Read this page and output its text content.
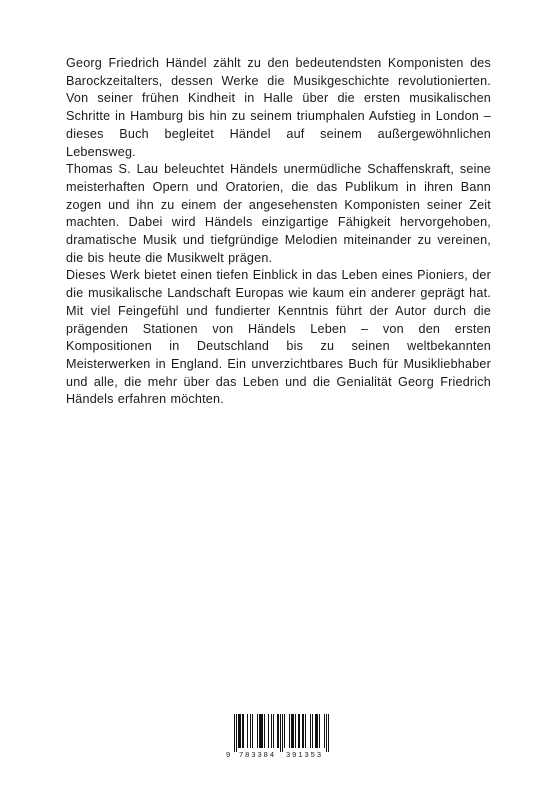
Georg Friedrich Händel zählt zu den bedeutendsten Komponisten des Barockzeitalters, dessen Werke die Musikgeschichte revolutionierten. Von seiner frühen Kindheit in Halle über die ersten musikalischen Schritte in Hamburg bis hin zu seinem triumphalen Aufstieg in London – dieses Buch begleitet Händel auf seinem außergewöhnlichen Lebensweg.

Thomas S. Lau beleuchtet Händels unermüdliche Schaffenskraft, seine meisterhaften Opern und Oratorien, die das Publikum in ihren Bann zogen und ihn zu einem der angesehensten Komponisten seiner Zeit machten. Dabei wird Händels einzigartige Fähigkeit hervorgehoben, dramatische Musik und tiefgründige Melodien miteinander zu vereinen, die bis heute die Musikwelt prägen.

Dieses Werk bietet einen tiefen Einblick in das Leben eines Pioniers, der die musikalische Landschaft Europas wie kaum ein anderer geprägt hat. Mit viel Feingefühl und fundierter Kenntnis führt der Autor durch die prägenden Stationen von Händels Leben – von den ersten Kompositionen in Deutschland bis zu seinen weltbekannten Meisterwerken in England. Ein unverzichtbares Buch für Musikliebhaber und alle, die mehr über das Leben und die Genialität Georg Friedrich Händels erfahren möchten.

9 783384 391353
